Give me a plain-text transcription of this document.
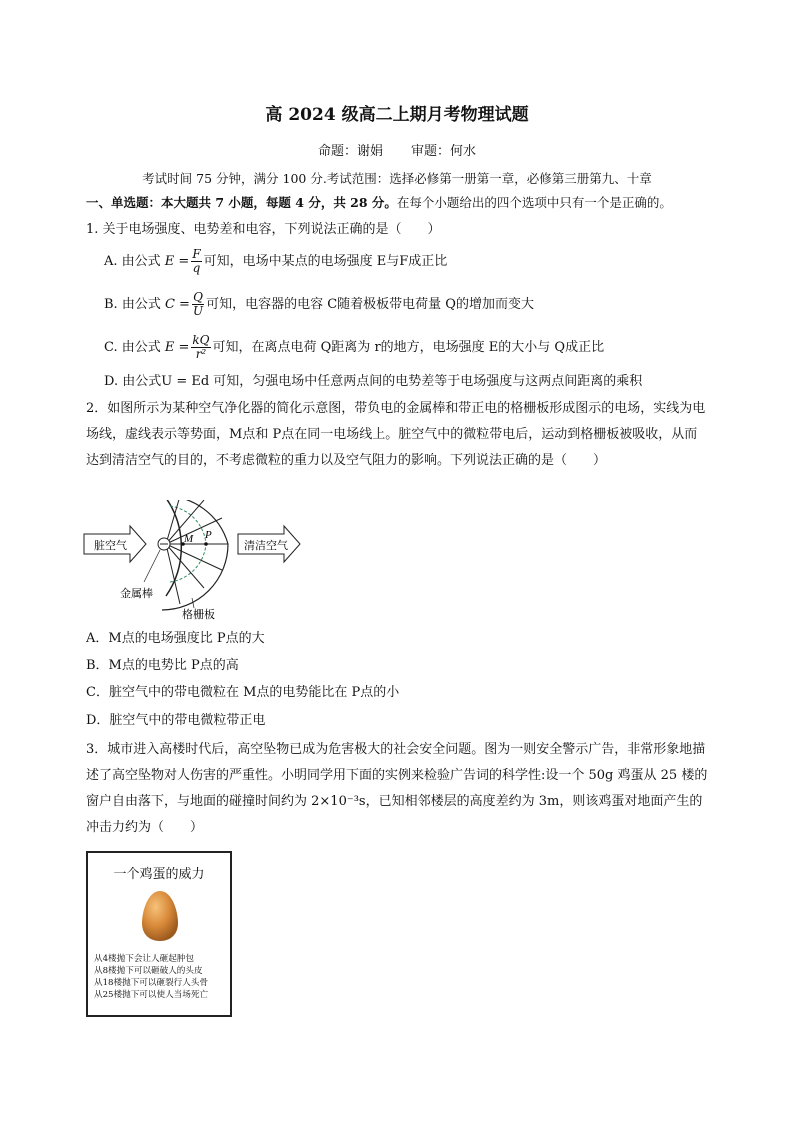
高 2024 级高二上期月考物理试题
命题：谢娟 审题：何水
考试时间 75 分钟，满分 100 分.考试范围：选择必修第一册第一章，必修第三册第九、十章
一、单选题：本大题共 7 小题，每题 4 分，共 28 分。在每个小题给出的四个选项中只有一个是正确的。
1. 关于电场强度、电势差和电容，下列说法正确的是（　　）
A. 由公式 $E = \frac{F}{q}$ 可知，电场中某点的电场强度 E与F成正比
B. 由公式 $C = \frac{Q}{U}$ 可知，电容器的电容 C随着极板带电荷量 Q的增加而变大
C. 由公式 $E = \frac{kQ}{\text{r²}}$ 可知，在离点电荷 Q距离为 r的地方，电场强度 E的大小与 Q成正比
D. 由公式U = Ed 可知，匀强电场中任意两点间的电势差等于电场强度与这两点间距离的乘积
2．如图所示为某种空气净化器的简化示意图，带负电的金属棒和带正电的格栅板形成图示的电场，实线为电场线，虚线表示等势面，M点和 P点在同一电场线上。脏空气中的微粒带电后，运动到格栅板被吸收，从而达到清洁空气的目的，不考虑微粒的重力以及空气阻力的影响。下列说法正确的是（　　）
脏空气	清洁空气
M P
金属棒
格栅板
A．M点的电场强度比 P点的大
B．M点的电势比 P点的高
C．脏空气中的带电微粒在 M点的电势能比在 P点的小
D．脏空气中的带电微粒带正电
3．城市进入高楼时代后，高空坠物已成为危害极大的社会安全问题。图为一则安全警示广告，非常形象地描述了高空坠物对人伤害的严重性。小明同学用下面的实例来检验广告词的科学性:设一个 50g 鸡蛋从 25 楼的窗户自由落下，与地面的碰撞时间约为 2×10⁻³s，已知相邻楼层的高度差约为 3m，则该鸡蛋对地面产生的冲击力约为（　　）
一个鸡蛋的威力
从4楼抛下会让人砸起肿包
从8楼抛下可以砸破人的头皮
从18楼抛下可以砸裂行人头骨
从25楼抛下可以使人当场死亡
